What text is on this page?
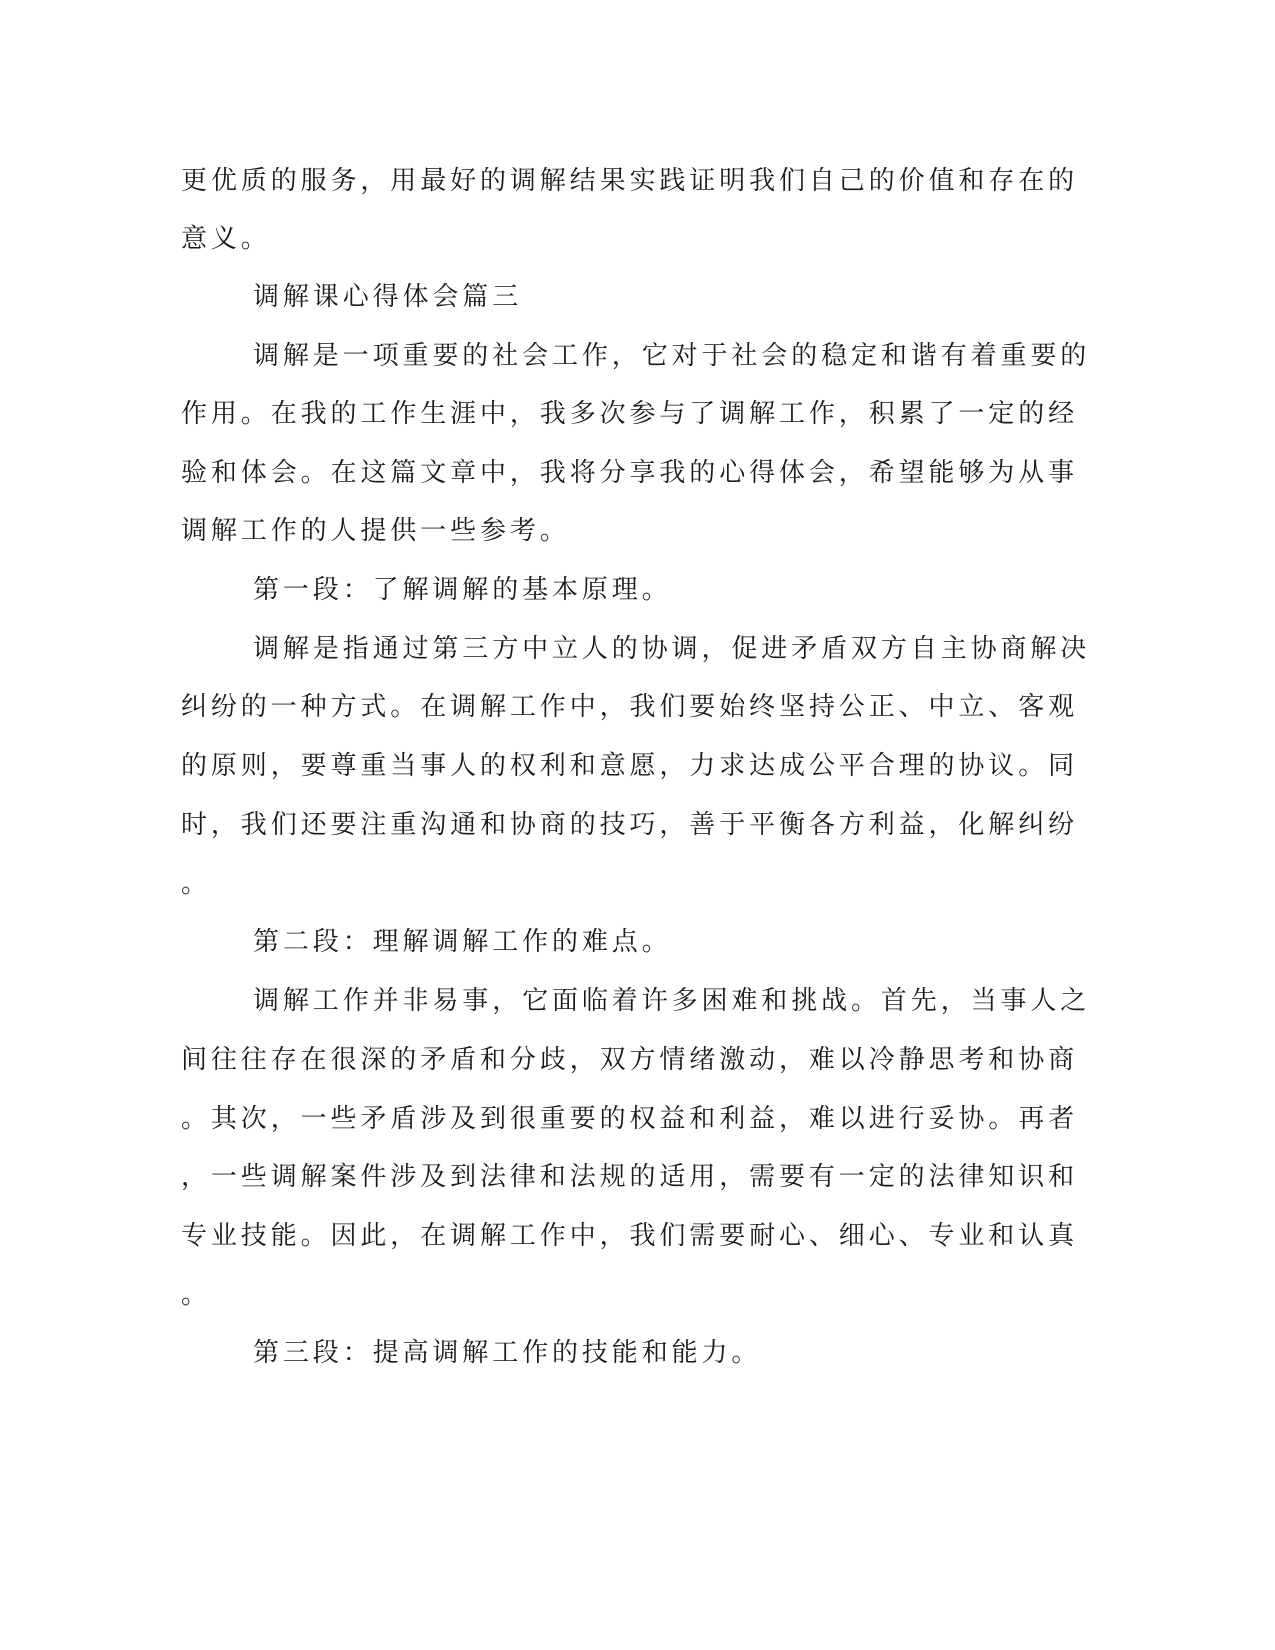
更优质的服务，用最好的调解结果实践证明我们自己的价值和存在的
意义。
调解课心得体会篇三
调解是一项重要的社会工作，它对于社会的稳定和谐有着重要的
作用。在我的工作生涯中，我多次参与了调解工作，积累了一定的经
验和体会。在这篇文章中，我将分享我的心得体会，希望能够为从事
调解工作的人提供一些参考。
第一段：了解调解的基本原理。
调解是指通过第三方中立人的协调，促进矛盾双方自主协商解决
纠纷的一种方式。在调解工作中，我们要始终坚持公正、中立、客观
的原则，要尊重当事人的权利和意愿，力求达成公平合理的协议。同
时，我们还要注重沟通和协商的技巧，善于平衡各方利益，化解纠纷
。
第二段：理解调解工作的难点。
调解工作并非易事，它面临着许多困难和挑战。首先，当事人之
间往往存在很深的矛盾和分歧，双方情绪激动，难以冷静思考和协商
。其次，一些矛盾涉及到很重要的权益和利益，难以进行妥协。再者
，一些调解案件涉及到法律和法规的适用，需要有一定的法律知识和
专业技能。因此，在调解工作中，我们需要耐心、细心、专业和认真
。
第三段：提高调解工作的技能和能力。
